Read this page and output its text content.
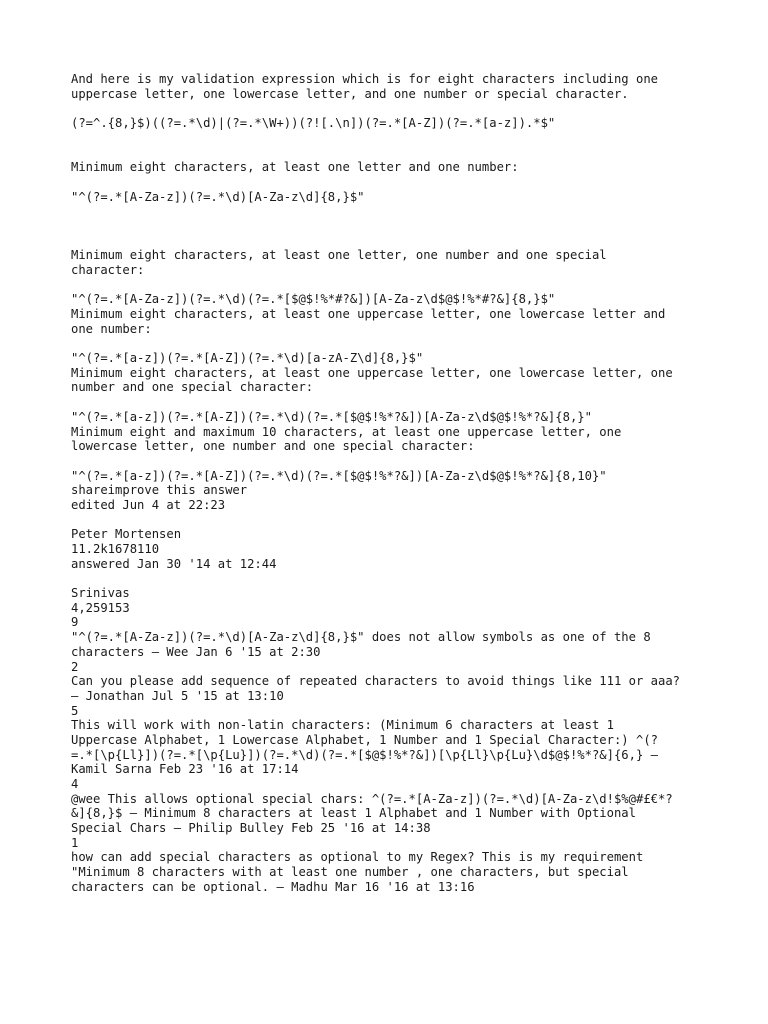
And here is my validation expression which is for eight characters including one
uppercase letter, one lowercase letter, and one number or special character.
(?=^.{8,}$)((?=.*\d)|(?=.*\W+))(?![.\n])(?=.*[A-Z])(?=.*[a-z]).*$"
Minimum eight characters, at least one letter and one number:
"^(?=.*[A-Za-z])(?=.*\d)[A-Za-z\d]{8,}$"
Minimum eight characters, at least one letter, one number and one special
character:
"^(?=.*[A-Za-z])(?=.*\d)(?=.*[$@$!%*#?&])[A-Za-z\d$@$!%*#?&]{8,}$"
Minimum eight characters, at least one uppercase letter, one lowercase letter and
one number:
"^(?=.*[a-z])(?=.*[A-Z])(?=.*\d)[a-zA-Z\d]{8,}$"
Minimum eight characters, at least one uppercase letter, one lowercase letter, one
number and one special character:
"^(?=.*[a-z])(?=.*[A-Z])(?=.*\d)(?=.*[$@$!%*?&])[A-Za-z\d$@$!%*?&]{8,}"
Minimum eight and maximum 10 characters, at least one uppercase letter, one
lowercase letter, one number and one special character:
"^(?=.*[a-z])(?=.*[A-Z])(?=.*\d)(?=.*[$@$!%*?&])[A-Za-z\d$@$!%*?&]{8,10}"
shareimprove this answer
edited Jun 4 at 22:23
Peter Mortensen
11.2k1678110
answered Jan 30 '14 at 12:44
Srinivas
4,259153
9
"^(?=.*[A-Za-z])(?=.*\d)[A-Za-z\d]{8,}$" does not allow symbols as one of the 8
characters – Wee Jan 6 '15 at 2:30
2
Can you please add sequence of repeated characters to avoid things like 111 or aaa?
– Jonathan Jul 5 '15 at 13:10
5
This will work with non-latin characters: (Minimum 6 characters at least 1
Uppercase Alphabet, 1 Lowercase Alphabet, 1 Number and 1 Special Character:) ^(?
=.*[\p{Ll}])(?=.*[\p{Lu}])(?=.*\d)(?=.*[$@$!%*?&])[\p{Ll}\p{Lu}\d$@$!%*?&]{6,} –
Kamil Sarna Feb 23 '16 at 17:14
4
@wee This allows optional special chars: ^(?=.*[A-Za-z])(?=.*\d)[A-Za-z\d!$%@#£€*?
&]{8,}$ — Minimum 8 characters at least 1 Alphabet and 1 Number with Optional
Special Chars – Philip Bulley Feb 25 '16 at 14:38
1
how can add special characters as optional to my Regex? This is my requirement
"Minimum 8 characters with at least one number , one characters, but special
characters can be optional. – Madhu Mar 16 '16 at 13:16
